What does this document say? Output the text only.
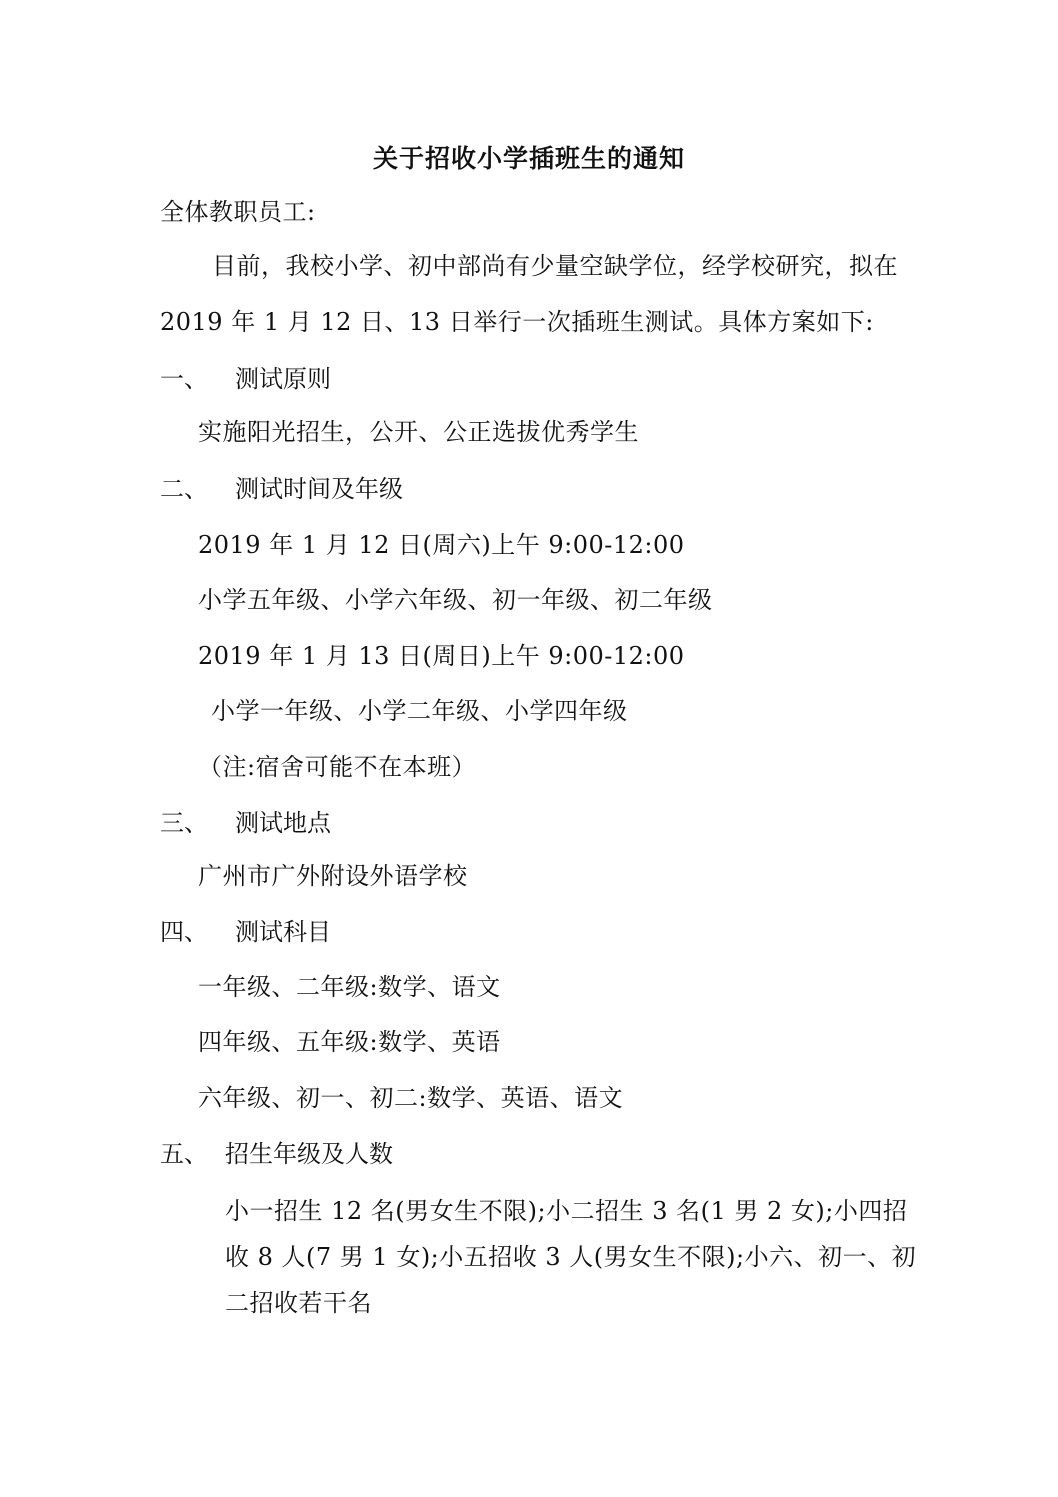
关于招收小学插班生的通知
全体教职员工:
目前，我校小学、初中部尚有少量空缺学位，经学校研究，拟在
2019 年 1 月 12 日、13 日举行一次插班生测试。具体方案如下:
一、 测试原则
实施阳光招生，公开、公正选拔优秀学生
二、 测试时间及年级
2019 年 1 月 12 日(周六)上午 9:00-12:00
小学五年级、小学六年级、初一年级、初二年级
2019 年 1 月 13 日(周日)上午 9:00-12:00
小学一年级、小学二年级、小学四年级
（注:宿舍可能不在本班）
三、 测试地点
广州市广外附设外语学校
四、 测试科目
一年级、二年级:数学、语文
四年级、五年级:数学、英语
六年级、初一、初二:数学、英语、语文
五、 招生年级及人数
小一招生 12 名(男女生不限);小二招生 3 名(1 男 2 女);小四招
收 8 人(7 男 1 女);小五招收 3 人(男女生不限);小六、初一、初
二招收若干名
